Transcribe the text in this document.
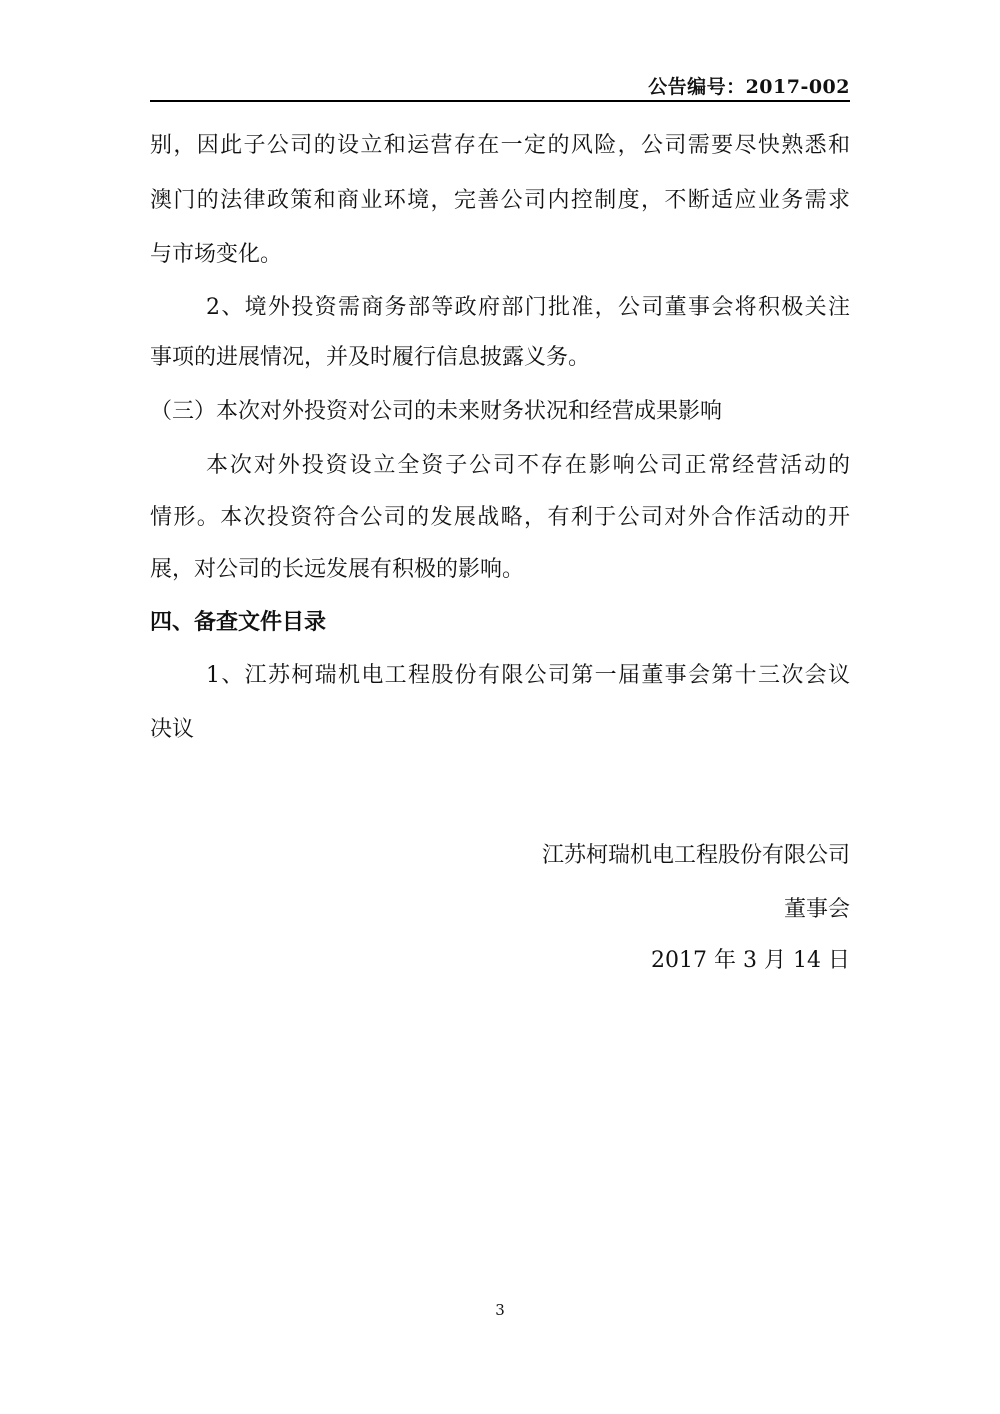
公告编号：2017-002
别，因此子公司的设立和运营存在一定的风险，公司需要尽快熟悉和
澳门的法律政策和商业环境，完善公司内控制度，不断适应业务需求
与市场变化。
2、境外投资需商务部等政府部门批准，公司董事会将积极关注
事项的进展情况，并及时履行信息披露义务。
（三）本次对外投资对公司的未来财务状况和经营成果影响
本次对外投资设立全资子公司不存在影响公司正常经营活动的
情形。本次投资符合公司的发展战略，有利于公司对外合作活动的开
展，对公司的长远发展有积极的影响。
四、备查文件目录
1、江苏柯瑞机电工程股份有限公司第一届董事会第十三次会议
决议
江苏柯瑞机电工程股份有限公司
董事会
2017 年 3 月 14 日
3
